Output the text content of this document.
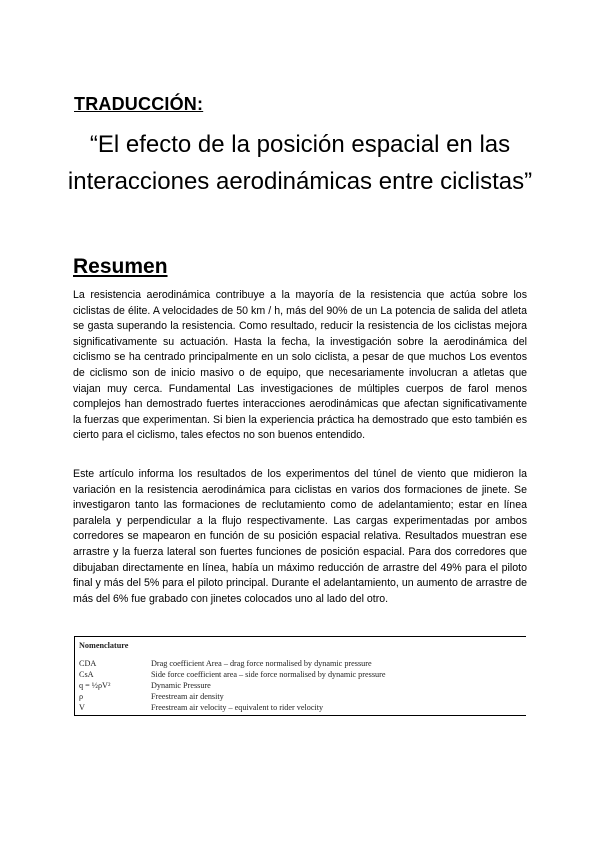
TRADUCCIÓN:
“El efecto de la posición espacial en las interacciones aerodinámicas entre ciclistas”
Resumen

La resistencia aerodinámica contribuye a la mayoría de la resistencia que actúa sobre los ciclistas de élite. A velocidades de 50 km / h, más del 90% de un La potencia de salida del atleta se gasta superando la resistencia. Como resultado, reducir la resistencia de los ciclistas mejora significativamente su actuación. Hasta la fecha, la investigación sobre la aerodinámica del ciclismo se ha centrado principalmente en un solo ciclista, a pesar de que muchos Los eventos de ciclismo son de inicio masivo o de equipo, que necesariamente involucran a atletas que viajan muy cerca. Fundamental Las investigaciones de múltiples cuerpos de farol menos complejos han demostrado fuertes interacciones aerodinámicas que afectan significativamente la fuerzas que experimentan. Si bien la experiencia práctica ha demostrado que esto también es cierto para el ciclismo, tales efectos no son buenos entendido.

Este artículo informa los resultados de los experimentos del túnel de viento que midieron la variación en la resistencia aerodinámica para ciclistas en varios dos formaciones de jinete. Se investigaron tanto las formaciones de reclutamiento como de adelantamiento; estar en línea paralela y perpendicular a la flujo respectivamente. Las cargas experimentadas por ambos corredores se mapearon en función de su posición espacial relativa. Resultados muestran ese arrastre y la fuerza lateral son fuertes funciones de posición espacial. Para dos corredores que dibujaban directamente en línea, había un máximo reducción de arrastre del 49% para el piloto final y más del 5% para el piloto principal. Durante el adelantamiento, un aumento de arrastre de más del 6% fue grabado con jinetes colocados uno al lado del otro.

Nomenclature

CDA	Drag coefficient Area – drag force normalised by dynamic pressure
CsA	Side force coefficient area – side force normalised by dynamic pressure
q = ½ρV²	Dynamic Pressure
ρ	Freestream air density
V	Freestream air velocity – equivalent to rider velocity
